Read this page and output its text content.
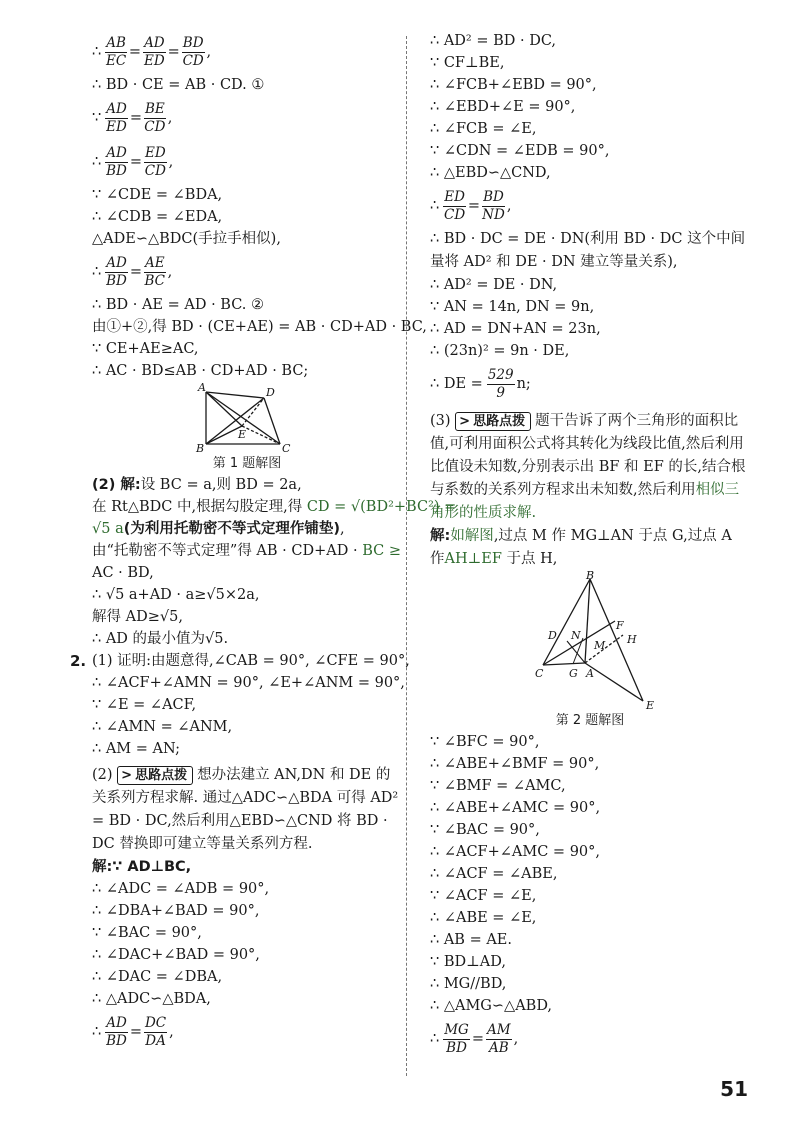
∴ $\frac{AB}{EC} = \frac{AD}{ED} = \frac{BD}{CD}$ ,
∴ BD · CE = AB · CD. ①
∵ $\frac{AD}{ED} = \frac{BE}{CD}$ ,
∴ $\frac{AD}{BD} = \frac{ED}{CD}$ ,
∵ ∠CDE = ∠BDA,
∴ ∠CDB = ∠EDA,
△ADE∽△BDC(手拉手相似),
∴ $\frac{AD}{BD} = \frac{AE}{BC}$ ,
∴ BD · AE = AD · BC. ②
由①+②,得 BD · (CE+AE) = AB · CD+AD · BC,
∵ CE+AE≥AC,
∴ AC · BD≤AB · CD+AD · BC;
A	D
B	C
E
第 1 题解图
(2) 解:设 BC = a,则 BD = 2a,
在 Rt△BDC 中,根据勾股定理,得 CD = √(BD²+BC²) =
√5 a(为利用托勒密不等式定理作铺垫),
由“托勒密不等式定理”得 AB · CD+AD · BC ≥
AC · BD,
∴ √5 a+AD · a≥√5×2a,
解得 AD≥√5,
∴ AD 的最小值为√5.
2. (1) 证明:由题意得,∠CAB = 90°, ∠CFE = 90°,
∴ ∠ACF+∠AMN = 90°, ∠E+∠ANM = 90°,
∵ ∠E = ∠ACF,
∴ ∠AMN = ∠ANM,
∴ AM = AN;
(2) > 思路点拨 想办法建立 AN,DN 和 DE 的关系列方程求解. 通过△ADC∽△BDA 可得 AD² = BD · DC,然后利用△EBD∽△CND 将 BD · DC 替换即可建立等量关系列方程.
解:∵ AD⊥BC,
∴ ∠ADC = ∠ADB = 90°,
∴ ∠DBA+∠BAD = 90°,
∵ ∠BAC = 90°,
∴ ∠DAC+∠BAD = 90°,
∴ ∠DAC = ∠DBA,
∴ △ADC∽△BDA,
∴ $\frac{AD}{BD} = \frac{DC}{DA}$ ,
∴ AD² = BD · DC,
∵ CF⊥BE,
∴ ∠FCB+∠EBD = 90°,
∴ ∠EBD+∠E = 90°,
∴ ∠FCB = ∠E,
∵ ∠CDN = ∠EDB = 90°,
∴ △EBD∽△CND,
∴ $\frac{ED}{CD} = \frac{BD}{ND}$ ,
∴ BD · DC = DE · DN(利用 BD · DC 这个中间量将 AD² 和 DE · DN 建立等量关系),
∴ AD² = DE · DN,
∵ AN = 14n, DN = 9n,
∴ AD = DN+AN = 23n,
∴ (23n)² = 9n · DE,
∴ DE = $\frac{529}{9} n$;
(3) > 思路点拨 题干告诉了两个三角形的面积比值,可利用面积公式将其转化为线段比值,然后利用比值设未知数,分别表示出 BF 和 EF 的长,结合根与系数的关系列方程求出未知数,然后利用相似三角形的性质求解.
解:如解图,过点 M 作 MG⊥AN 于点 G,过点 A 作AH⊥EF 于点 H,
B
D N
F
M H
C G A
E
第 2 题解图
∵ ∠BFC = 90°,
∴ ∠ABE+∠BMF = 90°,
∵ ∠BMF = ∠AMC,
∴ ∠ABE+∠AMC = 90°,
∵ ∠BAC = 90°,
∴ ∠ACF+∠AMC = 90°,
∴ ∠ACF = ∠ABE,
∵ ∠ACF = ∠E,
∴ ∠ABE = ∠E,
∴ AB = AE.
∵ BD⊥AD,
∴ MG//BD,
∴ △AMG∽△ABD,
∴ $\frac{MG}{BD} = \frac{AM}{AB}$ ,
51
